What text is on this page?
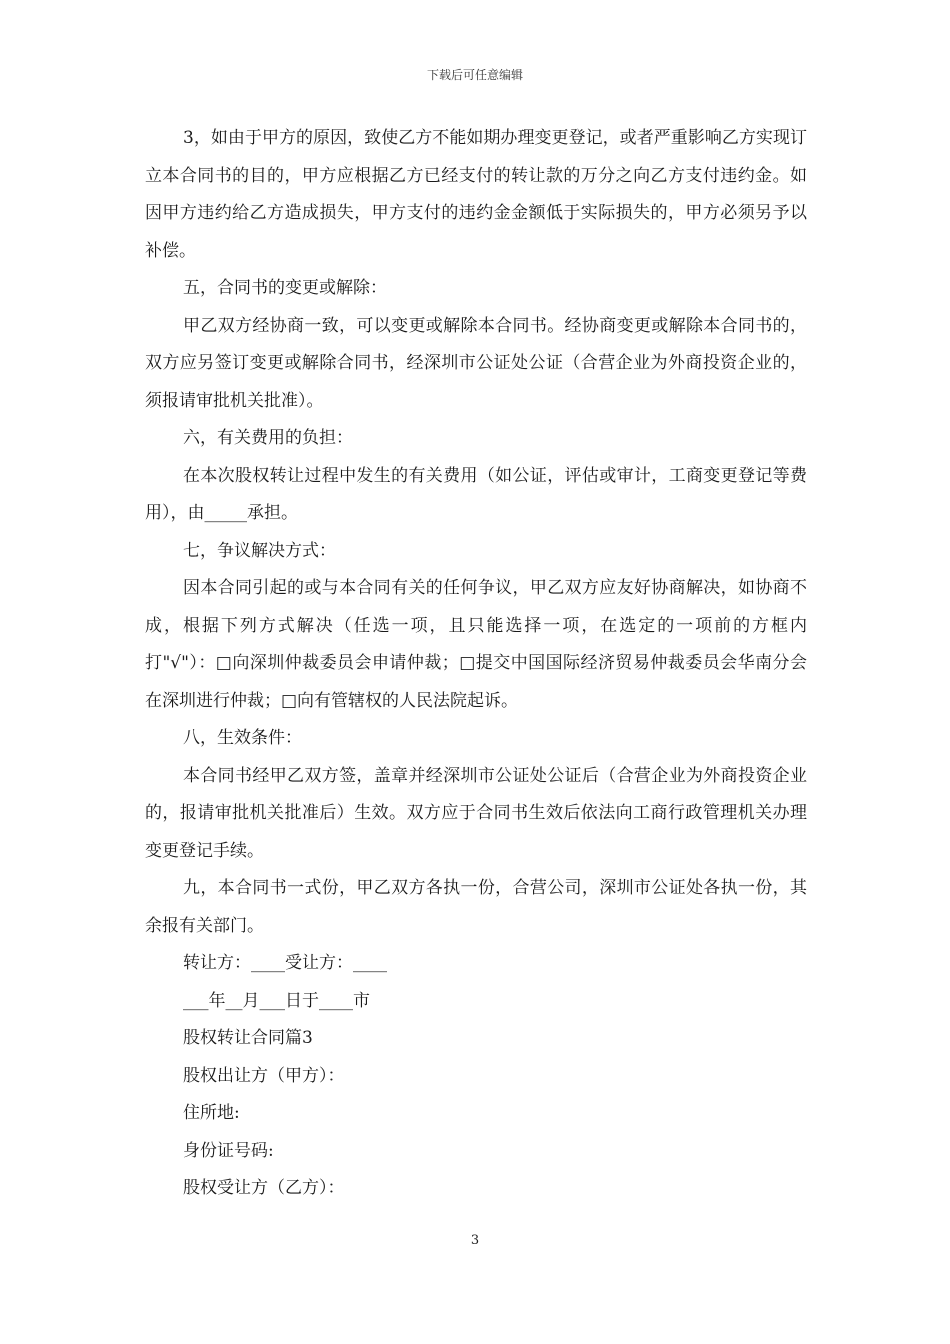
下载后可任意编辑

3，如由于甲方的原因，致使乙方不能如期办理变更登记，或者严重影响乙方实现订立本合同书的目的，甲方应根据乙方已经支付的转让款的万分之向乙方支付违约金。如因甲方违约给乙方造成损失，甲方支付的违约金金额低于实际损失的，甲方必须另予以补偿。

五，合同书的变更或解除：

甲乙双方经协商一致，可以变更或解除本合同书。经协商变更或解除本合同书的，双方应另签订变更或解除合同书，经深圳市公证处公证（合营企业为外商投资企业的，须报请审批机关批准）。

六，有关费用的负担：

在本次股权转让过程中发生的有关费用（如公证，评估或审计，工商变更登记等费用），由_____承担。

七，争议解决方式：

因本合同引起的或与本合同有关的任何争议，甲乙双方应友好协商解决，如协商不成，根据下列方式解决（任选一项，且只能选择一项，在选定的一项前的方框内打"√"）：□向深圳仲裁委员会申请仲裁；□提交中国国际经济贸易仲裁委员会华南分会在深圳进行仲裁；□向有管辖权的人民法院起诉。

八，生效条件：

本合同书经甲乙双方签，盖章并经深圳市公证处公证后（合营企业为外商投资企业的，报请审批机关批准后）生效。双方应于合同书生效后依法向工商行政管理机关办理变更登记手续。

九，本合同书一式份，甲乙双方各执一份，合营公司，深圳市公证处各执一份，其余报有关部门。

转让方：____受让方：____

___年__月___日于____市

股权转让合同篇3

股权出让方（甲方）：

住所地:

身份证号码:

股权受让方（乙方）：

3
